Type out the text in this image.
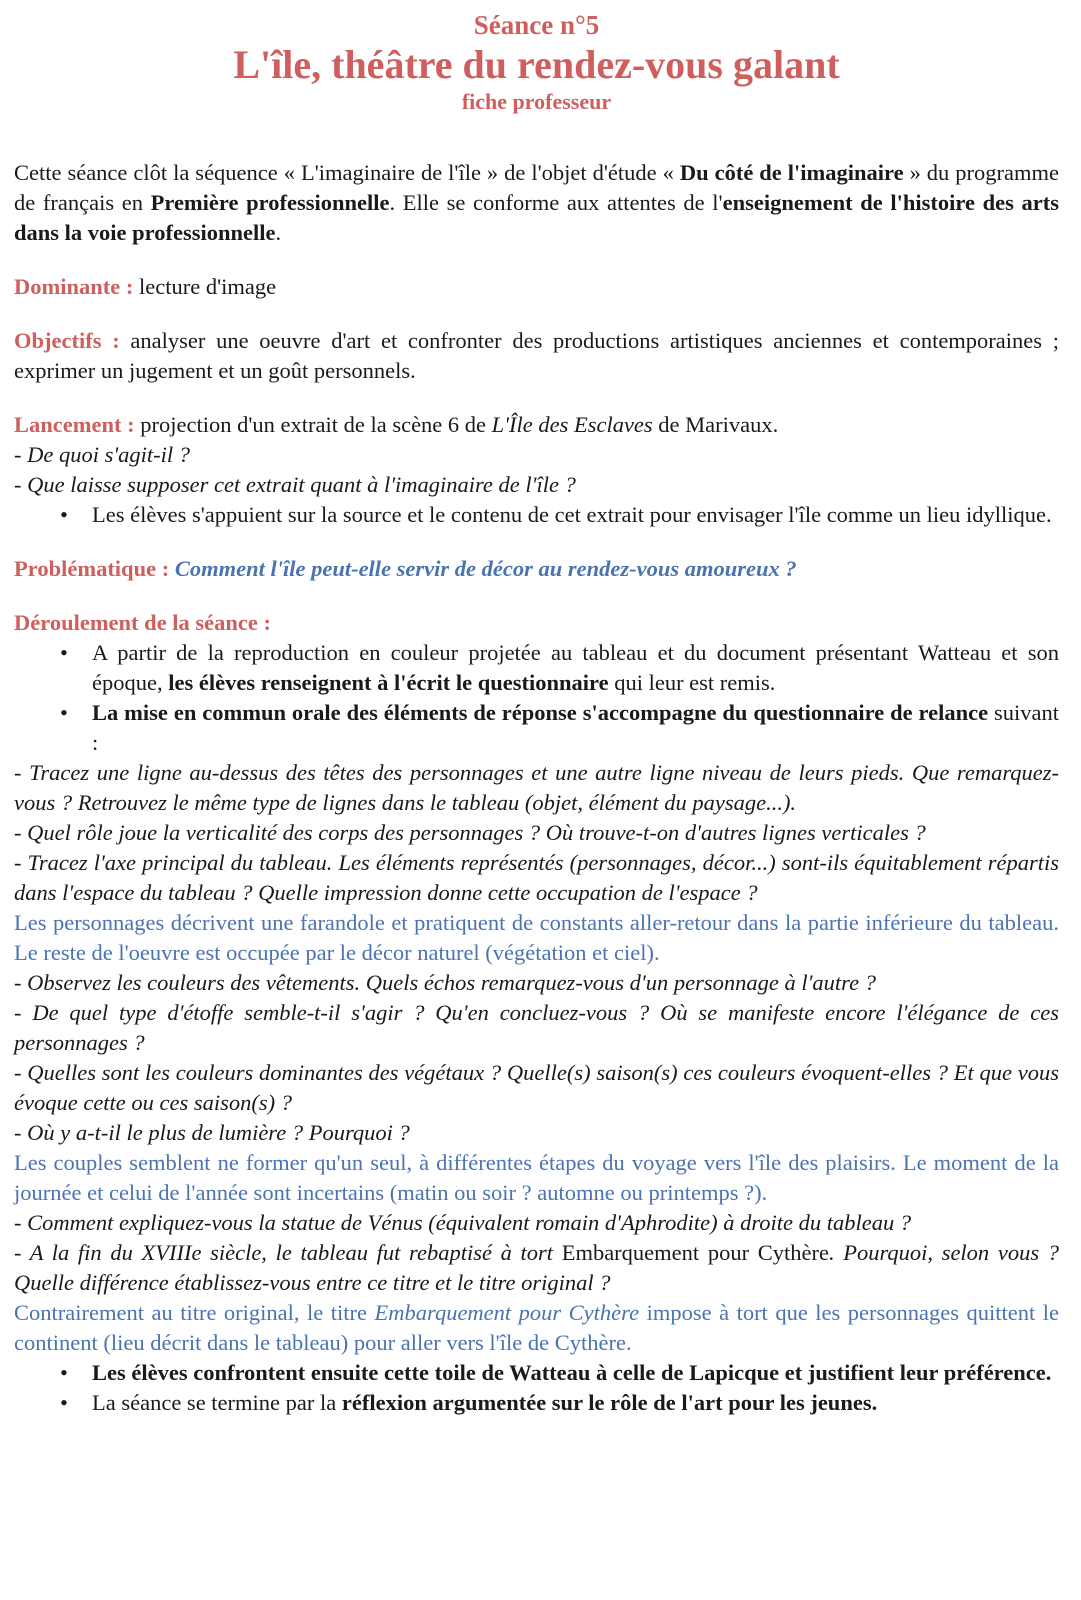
Séance n°5
L'île, théâtre du rendez-vous galant
fiche professeur

Cette séance clôt la séquence « L'imaginaire de l'île » de l'objet d'étude « Du côté de l'imaginaire » du programme de français en Première professionnelle. Elle se conforme aux attentes de l'enseignement de l'histoire des arts dans la voie professionnelle.

Dominante : lecture d'image

Objectifs : analyser une oeuvre d'art et confronter des productions artistiques anciennes et contemporaines ; exprimer un jugement et un goût personnels.

Lancement : projection d'un extrait de la scène 6 de L'Île des Esclaves de Marivaux.

- De quoi s'agit-il ?

- Que laisse supposer cet extrait quant à l'imaginaire de l'île ?

• Les élèves s'appuient sur la source et le contenu de cet extrait pour envisager l'île comme un lieu idyllique.

Problématique : Comment l'île peut-elle servir de décor au rendez-vous amoureux ?

Déroulement de la séance :

• A partir de la reproduction en couleur projetée au tableau et du document présentant Watteau et son époque, les élèves renseignent à l'écrit le questionnaire qui leur est remis.
• La mise en commun orale des éléments de réponse s'accompagne du questionnaire de relance suivant :

- Tracez une ligne au-dessus des têtes des personnages et une autre ligne niveau de leurs pieds. Que remarquez-vous ? Retrouvez le même type de lignes dans le tableau (objet, élément du paysage...).

- Quel rôle joue la verticalité des corps des personnages ? Où trouve-t-on d'autres lignes verticales ?

- Tracez l'axe principal du tableau. Les éléments représentés (personnages, décor...) sont-ils équitablement répartis dans l'espace du tableau ? Quelle impression donne cette occupation de l'espace ?

Les personnages décrivent une farandole et pratiquent de constants aller-retour dans la partie inférieure du tableau. Le reste de l'oeuvre est occupée par le décor naturel (végétation et ciel).

- Observez les couleurs des vêtements. Quels échos remarquez-vous d'un personnage à l'autre ?

- De quel type d'étoffe semble-t-il s'agir ? Qu'en concluez-vous ? Où se manifeste encore l'élégance de ces personnages ?

- Quelles sont les couleurs dominantes des végétaux ? Quelle(s) saison(s) ces couleurs évoquent-elles ? Et que vous évoque cette ou ces saison(s) ?

- Où y a-t-il le plus de lumière ? Pourquoi ?

Les couples semblent ne former qu'un seul, à différentes étapes du voyage vers l'île des plaisirs. Le moment de la journée et celui de l'année sont incertains (matin ou soir ? automne ou printemps ?).

- Comment expliquez-vous la statue de Vénus (équivalent romain d'Aphrodite) à droite du tableau ?

- A la fin du XVIIIe siècle, le tableau fut rebaptisé à tort Embarquement pour Cythère. Pourquoi, selon vous ? Quelle différence établissez-vous entre ce titre et le titre original ?

Contrairement au titre original, le titre Embarquement pour Cythère impose à tort que les personnages quittent le continent (lieu décrit dans le tableau) pour aller vers l'île de Cythère.

• Les élèves confrontent ensuite cette toile de Watteau à celle de Lapicque et justifient leur préférence.
• La séance se termine par la réflexion argumentée sur le rôle de l'art pour les jeunes.
